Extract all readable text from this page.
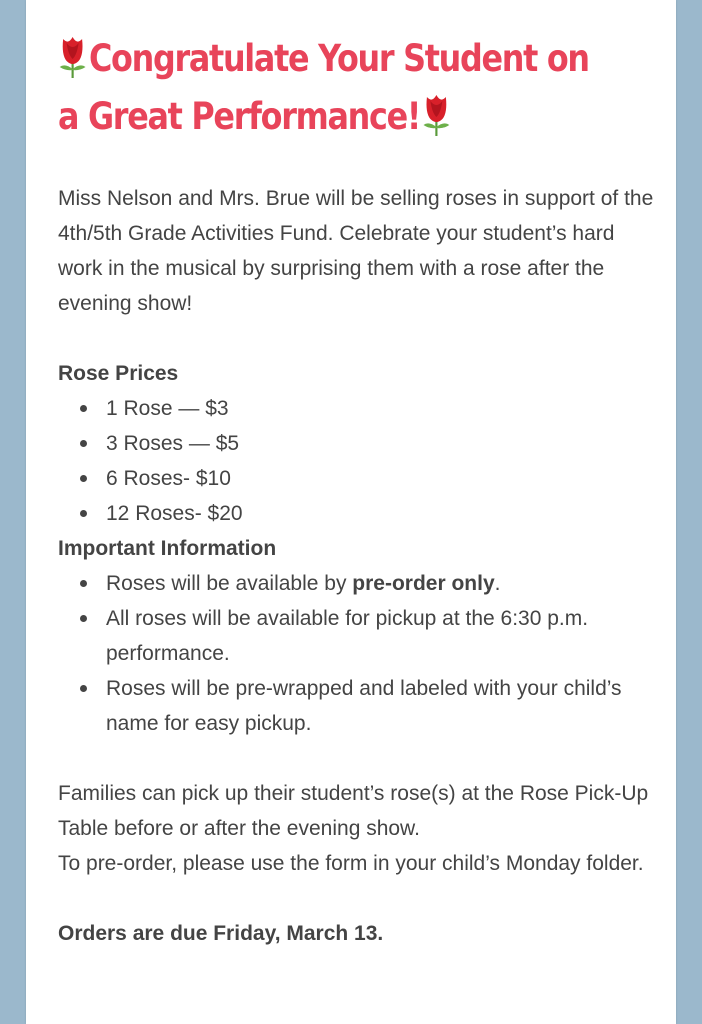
Congratulate Your Student on
a Great Performance!

Miss Nelson and Mrs. Brue will be selling roses in support of the 4th/5th Grade Activities Fund. Celebrate your student’s hard work in the musical by surprising them with a rose after the evening show!

Rose Prices
1 Rose — $3
3 Roses — $5
6 Roses- $10
12 Roses- $20
Important Information
Roses will be available by pre-order only.
All roses will be available for pickup at the 6:30 p.m. performance.
Roses will be pre-wrapped and labeled with your child’s name for easy pickup.

Families can pick up their student’s rose(s) at the Rose Pick-Up Table before or after the evening show.

To pre-order, please use the form in your child’s Monday folder.

Orders are due Friday, March 13.
